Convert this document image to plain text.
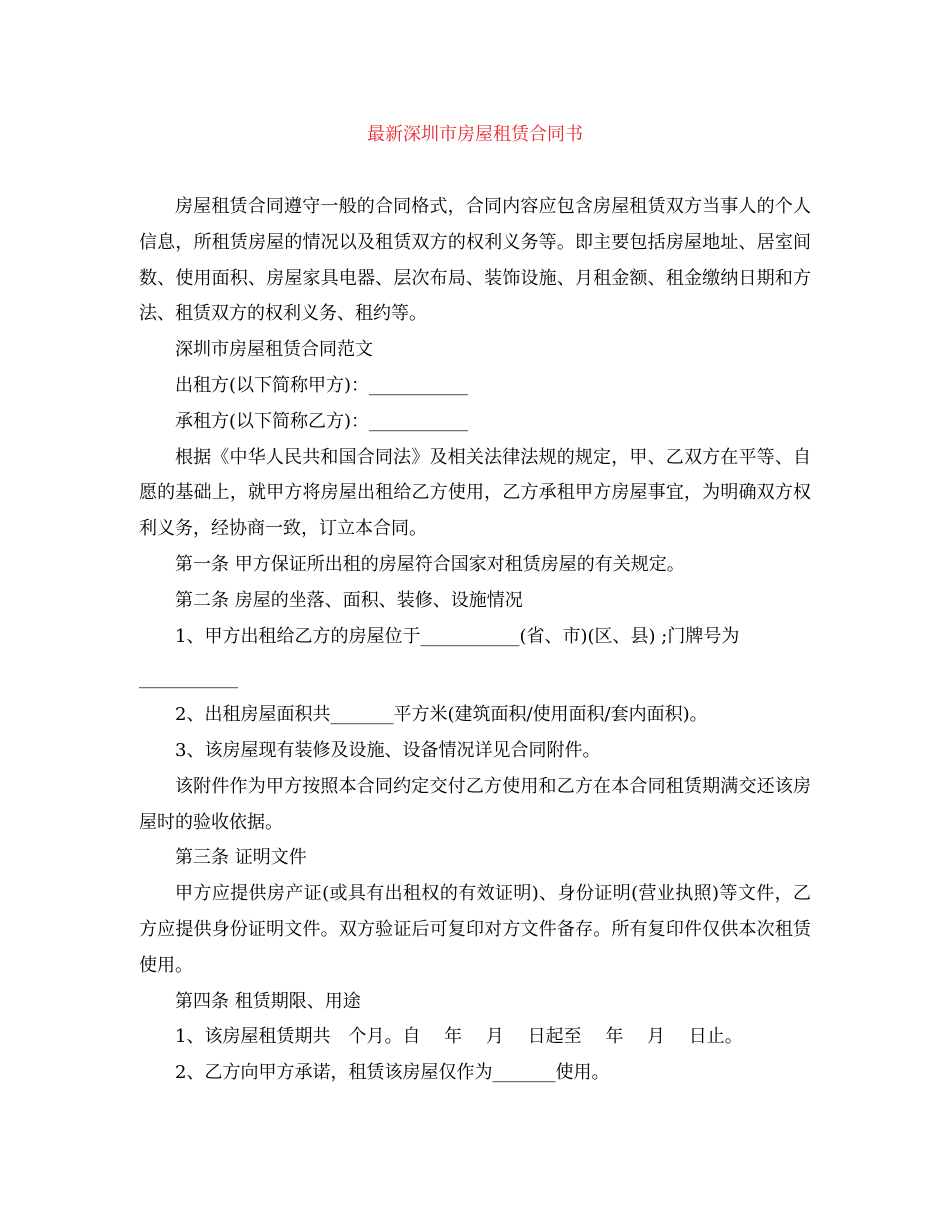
最新深圳市房屋租赁合同书

房屋租赁合同遵守一般的合同格式，合同内容应包含房屋租赁双方当事人的个人信息，所租赁房屋的情况以及租赁双方的权利义务等。即主要包括房屋地址、居室间数、使用面积、房屋家具电器、层次布局、装饰设施、月租金额、租金缴纳日期和方法、租赁双方的权利义务、租约等。

深圳市房屋租赁合同范文

出租方(以下简称甲方)：___________

承租方(以下简称乙方)：___________

根据《中华人民共和国合同法》及相关法律法规的规定，甲、乙双方在平等、自愿的基础上，就甲方将房屋出租给乙方使用，乙方承租甲方房屋事宜，为明确双方权利义务，经协商一致，订立本合同。

第一条 甲方保证所出租的房屋符合国家对租赁房屋的有关规定。

第二条 房屋的坐落、面积、装修、设施情况

1、甲方出租给乙方的房屋位于___________(省、市)(区、县) ;门牌号为

___________

2、出租房屋面积共_______平方米(建筑面积/使用面积/套内面积)。

3、该房屋现有装修及设施、设备情况详见合同附件。

该附件作为甲方按照本合同约定交付乙方使用和乙方在本合同租赁期满交还该房屋时的验收依据。

第三条 证明文件

甲方应提供房产证(或具有出租权的有效证明)、身份证明(营业执照)等文件，乙方应提供身份证明文件。双方验证后可复印对方文件备存。所有复印件仅供本次租赁使用。

第四条 租赁期限、用途

1、该房屋租赁期共　个月。自　 年　 月　 日起至　 年　 月　 日止。

2、乙方向甲方承诺，租赁该房屋仅作为_______使用。
